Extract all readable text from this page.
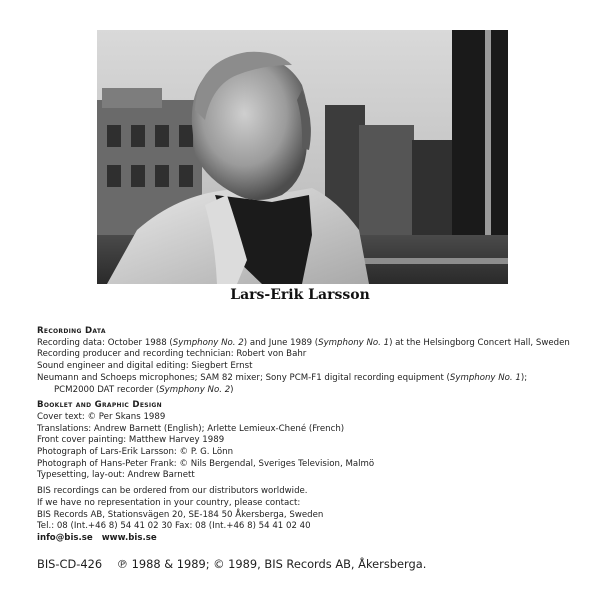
Lars-Erik Larsson
Recording Data
Recording data: October 1988 (Symphony No. 2) and June 1989 (Symphony No. 1) at the Helsingborg Concert Hall, Sweden
Recording producer and recording technician: Robert von Bahr
Sound engineer and digital editing: Siegbert Ernst
Neumann and Schoeps microphones; SAM 82 mixer; Sony PCM-F1 digital recording equipment (Symphony No. 1);
PCM2000 DAT recorder (Symphony No. 2)
Booklet and Graphic Design
Cover text: © Per Skans 1989
Translations: Andrew Barnett (English); Arlette Lemieux-Chené (French)
Front cover painting: Matthew Harvey 1989
Photograph of Lars-Erik Larsson: © P. G. Lönn
Photograph of Hans-Peter Frank: © Nils Bergendal, Sveriges Television, Malmö
Typesetting, lay-out: Andrew Barnett
BIS recordings can be ordered from our distributors worldwide.
If we have no representation in your country, please contact:
BIS Records AB, Stationsvägen 20, SE-184 50 Åkersberga, Sweden
Tel.: 08 (Int.+46 8) 54 41 02 30 Fax: 08 (Int.+46 8) 54 41 02 40
info@bis.se www.bis.se
BIS-CD-426 ℗ 1988 & 1989; © 1989, BIS Records AB, Åkersberga.
